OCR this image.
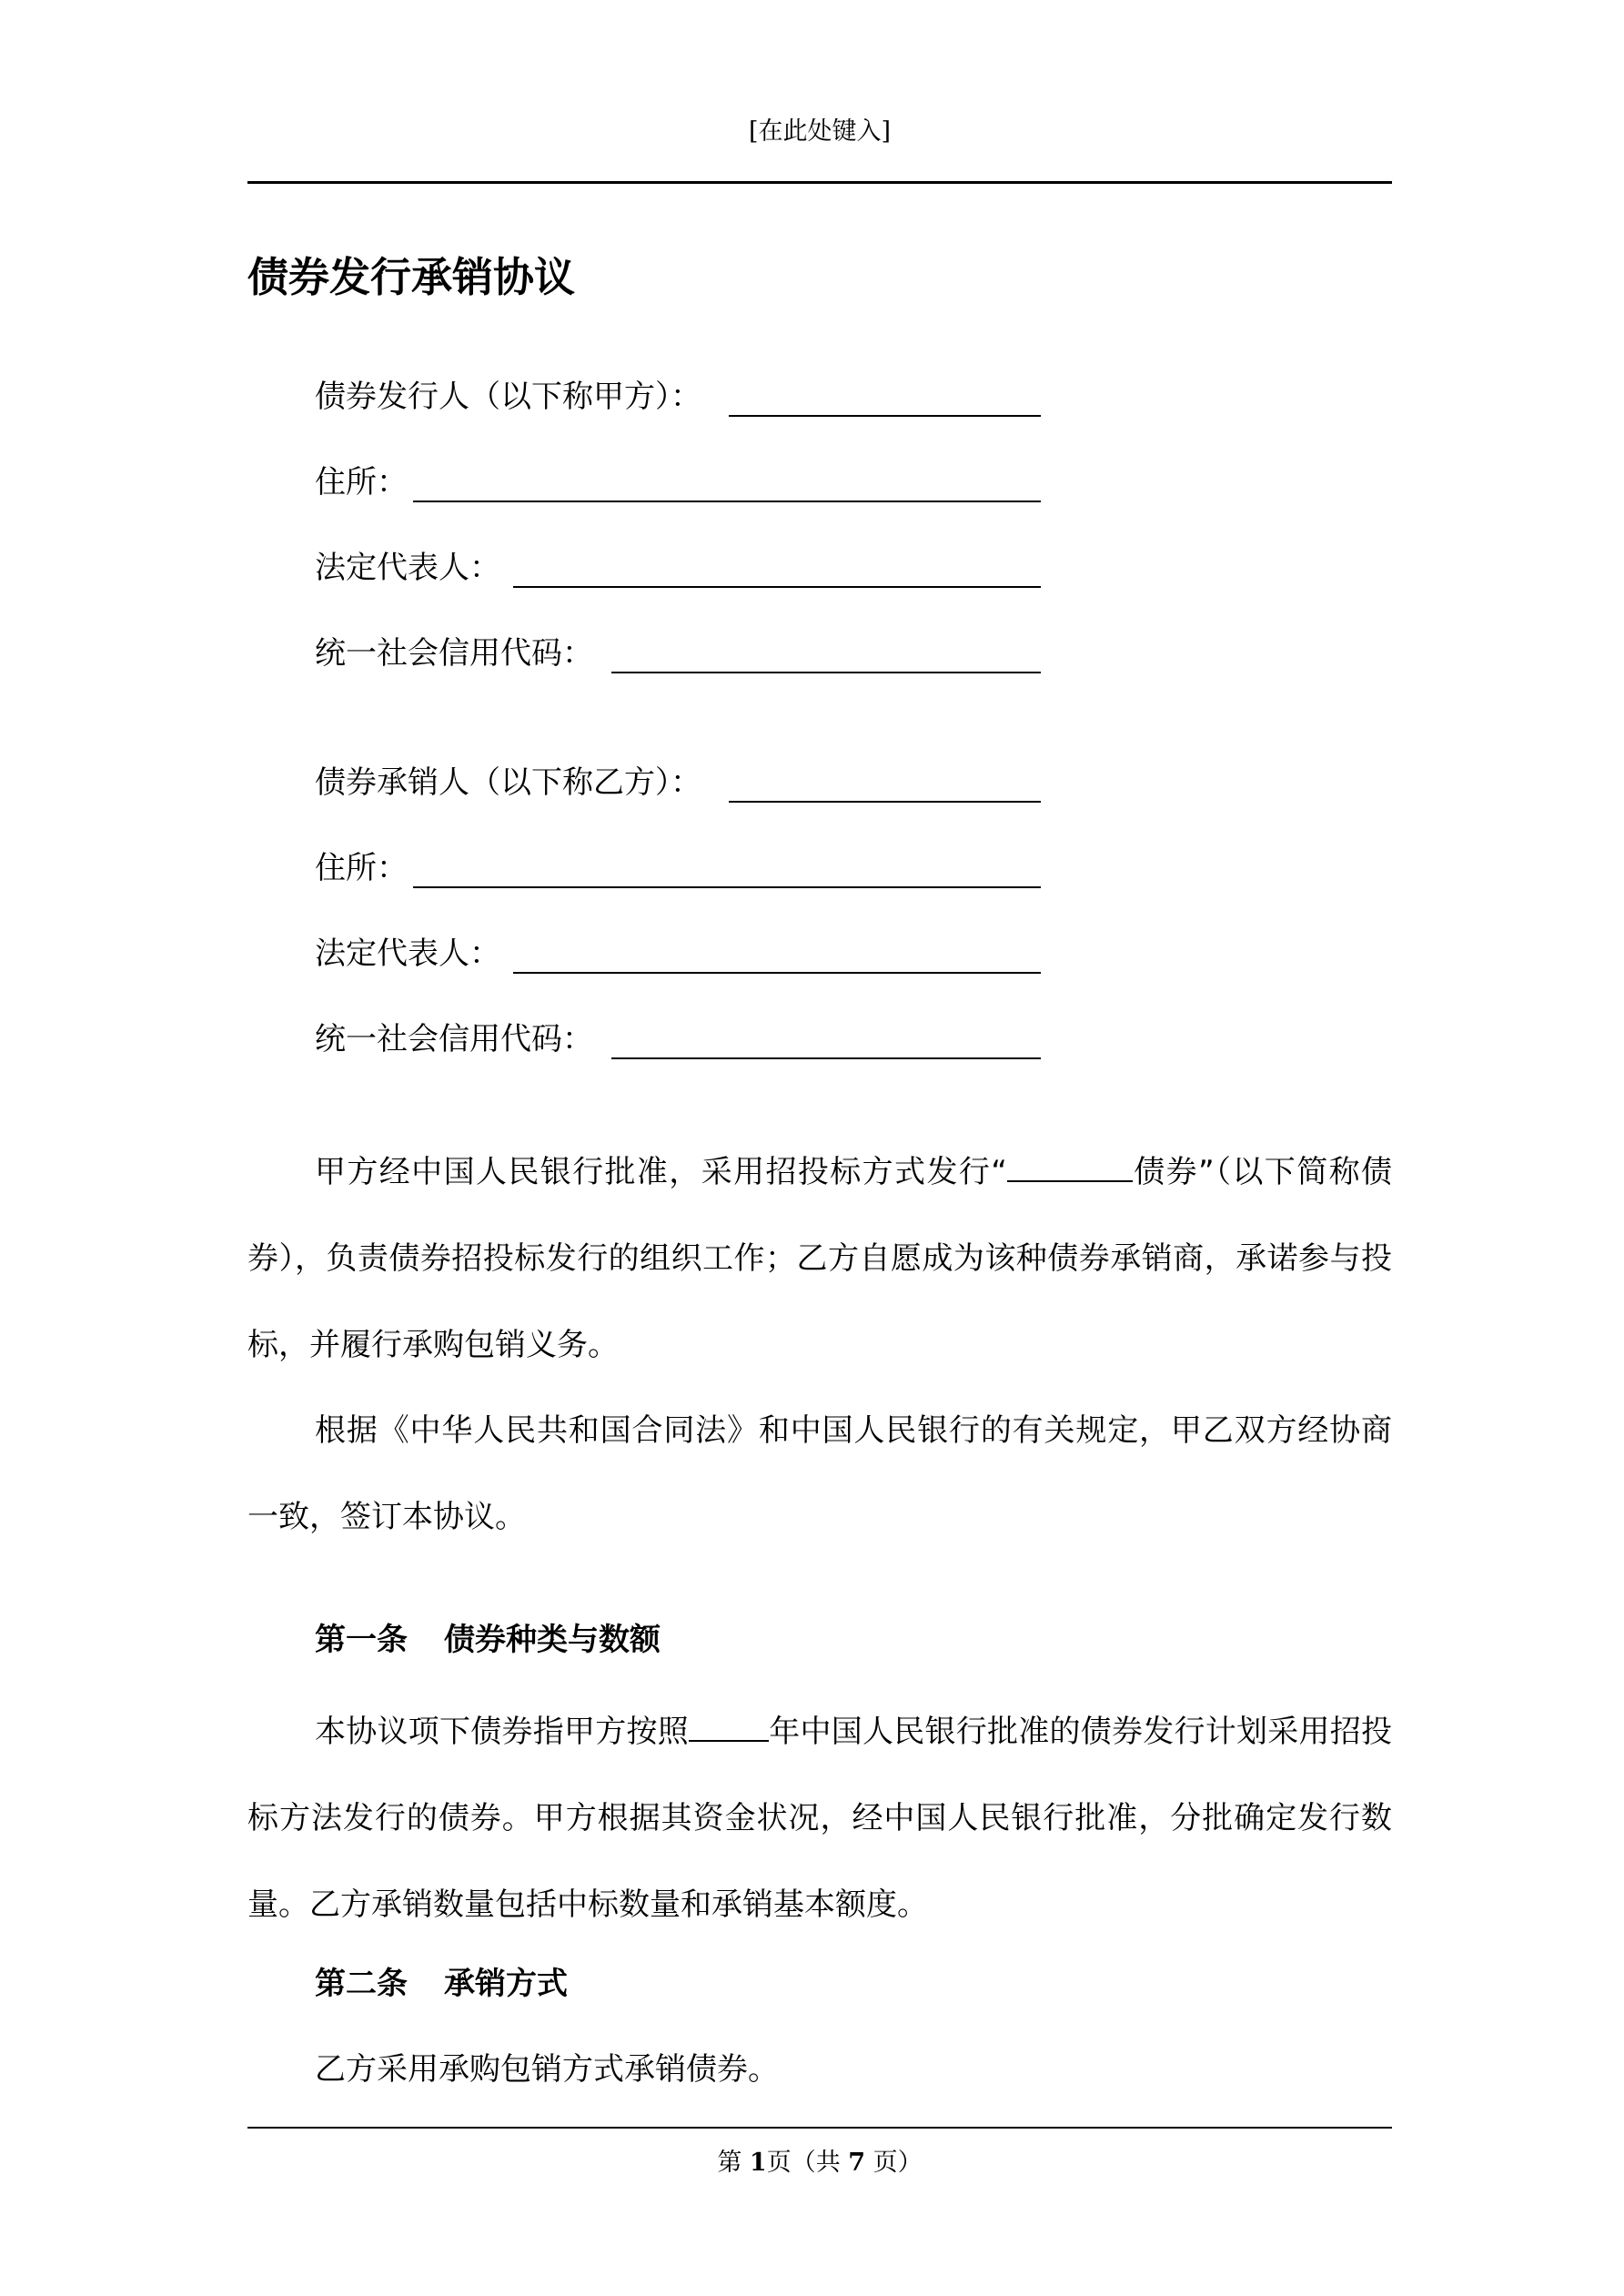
[在此处键入]
债券发行承销协议
债券发行人（以下称甲方）：
住所：
法定代表人：
统一社会信用代码：
债券承销人（以下称乙方）：
住所：
法定代表人：
统一社会信用代码：

甲方经中国人民银行批准，采用招投标方式发行“	债券”（以下简称债券），负责债券招投标发行的组织工作；乙方自愿成为该种债券承销商，承诺参与投标，并履行承购包销义务。

根据《中华人民共和国合同法》和中国人民银行的有关规定，甲乙双方经协商一致，签订本协议。

第一条 债券种类与数额

本协议项下债券指甲方按照	年中国人民银行批准的债券发行计划采用招投标方法发行的债券。甲方根据其资金状况，经中国人民银行批准，分批确定发行数量。乙方承销数量包括中标数量和承销基本额度。

第二条 承销方式

乙方采用承购包销方式承销债券。

第 1页（共 7 页）
